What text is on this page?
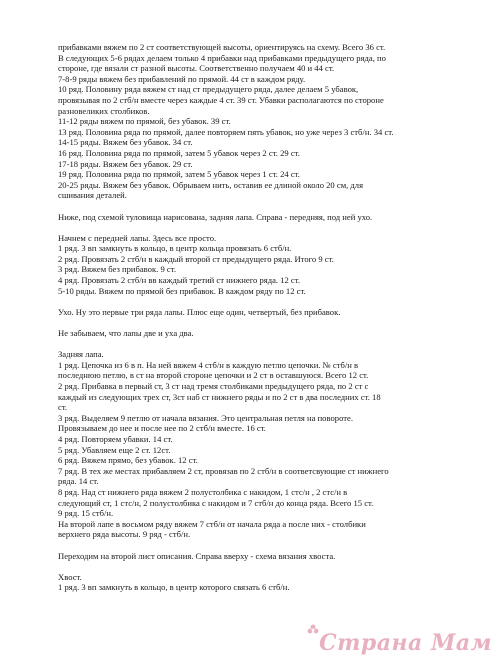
прибавками вяжем по 2 ст соответствующей высоты, ориентируясь на схему. Всего 36 ст.
В следующих 5-6 рядах делаем только 4 прибавки над прибавками предыдущего ряда, по
стороне, где вязали ст разной высоты. Соответственно получаем 40 и 44 ст.
7-8-9 ряды вяжем без прибавлений по прямой. 44 ст в каждом ряду.
10 ряд. Половину ряда вяжем ст над ст предыдущего ряда, далее делаем 5 убавок,
провязывая по 2 стб/н вместе через каждые 4 ст. 39 ст. Убавки располагаются по стороне
разновеликих столбиков.
11-12 ряды вяжем по прямой, без убавок. 39 ст.
13 ряд. Половина ряда по прямой, далее повторяем пять убавок, но уже через 3 стб/н. 34 ст.
14-15 ряды. Вяжем без убавок. 34 ст.
16 ряд. Половина ряда по прямой, затем 5 убавок через 2 ст. 29 ст.
17-18 ряды. Вяжем без убавок. 29 ст.
19 ряд. Половина ряда по прямой, затем 5 убавок через 1 ст. 24 ст.
20-25 ряды. Вяжем без убавок. Обрываем нить, оставив ее длиной около 20 см, для
сшивания деталей.
Ниже, под схемой туловища нарисована, задняя лапа. Справа - передняя, под ней ухо.
Начнем с передней лапы. Здесь все просто.
1 ряд. 3 вп замкнуть в кольцо, в центр кольца провязать 6 стб/н.
2 ряд. Провязать 2 стб/н в каждый второй ст предыдущего ряда. Итого 9 ст.
3 ряд. Вяжем без прибавок. 9 ст.
4 ряд. Провязать 2 стб/н вв каждый третий ст нижнего ряда. 12 ст.
5-10 ряды. Вяжем по прямой без прибавок. В каждом ряду по 12 ст.
Ухо. Ну это первые три ряда лапы. Плюс еще один, четвертый, без прибавок.
Не забываем, что лапы две и уха два.
Задняя лапа.
1 ряд. Цепочка из 6 в п. На ней вяжем 4 стб/н в каждую петлю цепочки. № стб/н в
последнюю петлю, в ст на второй стороне цепочки и 2 ст в оставшуюся. Всего 12 ст.
2 ряд. Прибавка в первый ст, 3 ст над тремя столбиками предыдущего ряда, по 2 ст с
каждый из следующих трех ст, 3ст наб ст нижнего ряды и по 2 ст в два последних ст. 18
ст.
3 ряд. Выделяем 9 петлю от начала вязания. Это центральная петля на повороте.
Провязываем до нее и после нее по 2 стб/н вместе. 16 ст.
4 ряд. Повторяем убавки. 14 ст.
5 ряд. Убавляем еще 2 ст. 12ст.
6 ряд. Вяжем прямо, без убавок. 12 ст.
7 ряд. В тех же местах прибавляем 2 ст, провязав по 2 стб/н в соответсвующие ст нижнего
ряда. 14 ст.
8 ряд. Над ст нижнего ряда вяжем 2 полустолбика с накидом, 1 стс/н , 2 стс/н в
следующий ст, 1 стс/н, 2 полустолбика с накидом и 7 стб/н до конца ряда. Всего 15 ст.
9 ряд. 15 стб/н.
На второй лапе в восьмом ряду вяжем 7 стб/н от начала ряда а после них - столбики
верхнего ряда высоты. 9 ряд - стб/н.
Переходим на второй лист описания. Справа вверху - схема вязания хвоста.
Хвост.
1 ряд. 3 вп замкнуть в кольцо, в центр которого связать 6 стб/н.
Страна Мам
